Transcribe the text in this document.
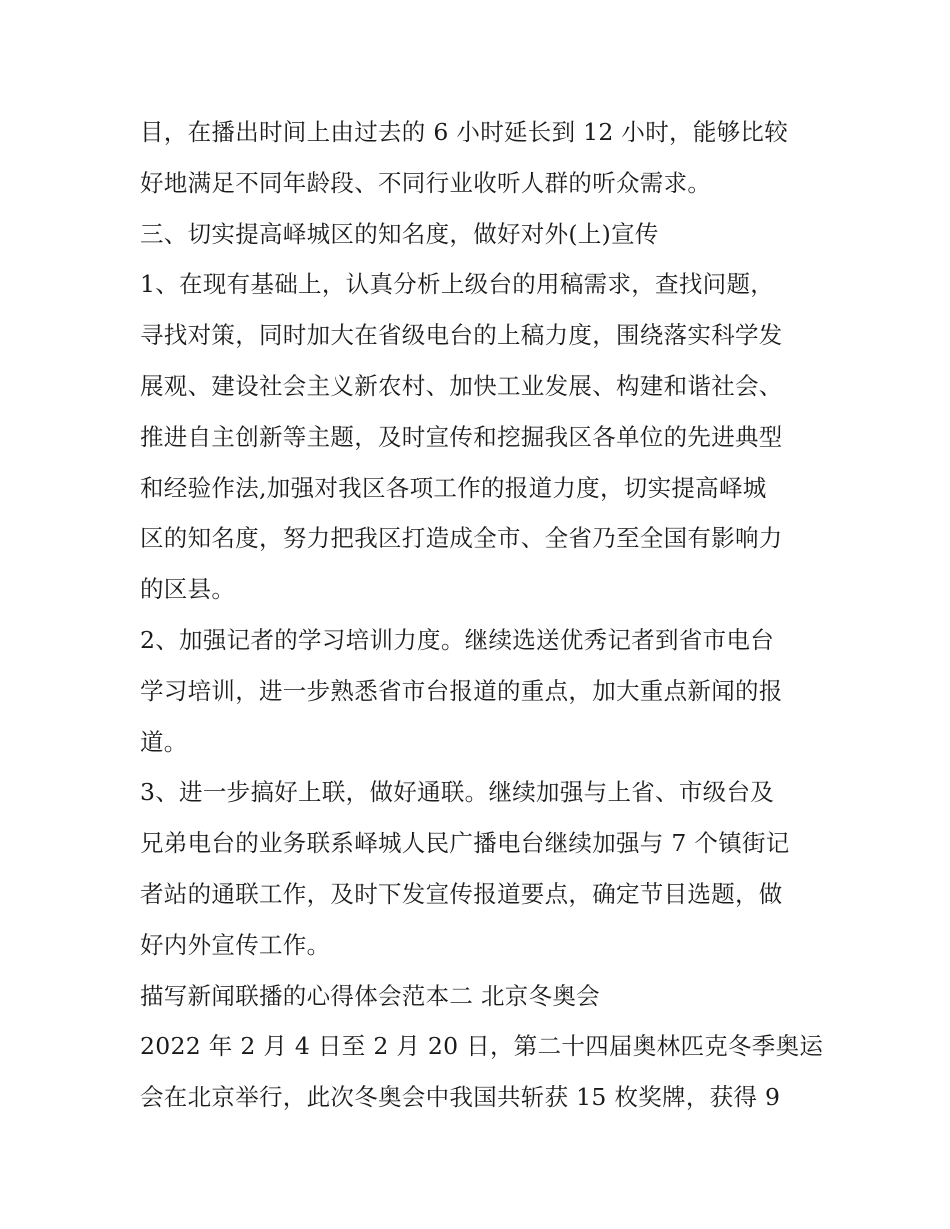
目，在播出时间上由过去的 6 小时延长到 12 小时，能够比较
好地满足不同年龄段、不同行业收听人群的听众需求。
三、切实提高峄城区的知名度，做好对外(上)宣传
1、在现有基础上，认真分析上级台的用稿需求，查找问题，
寻找对策，同时加大在省级电台的上稿力度，围绕落实科学发
展观、建设社会主义新农村、加快工业发展、构建和谐社会、
推进自主创新等主题，及时宣传和挖掘我区各单位的先进典型
和经验作法,加强对我区各项工作的报道力度，切实提高峄城
区的知名度，努力把我区打造成全市、全省乃至全国有影响力
的区县。
2、加强记者的学习培训力度。继续选送优秀记者到省市电台
学习培训，进一步熟悉省市台报道的重点，加大重点新闻的报
道。
3、进一步搞好上联，做好通联。继续加强与上省、市级台及
兄弟电台的业务联系峄城人民广播电台继续加强与 7 个镇街记
者站的通联工作，及时下发宣传报道要点，确定节目选题，做
好内外宣传工作。
描写新闻联播的心得体会范本二 北京冬奥会
2022 年 2 月 4 日至 2 月 20 日，第二十四届奥林匹克冬季奥运
会在北京举行，此次冬奥会中我国共斩获 15 枚奖牌，获得 9
